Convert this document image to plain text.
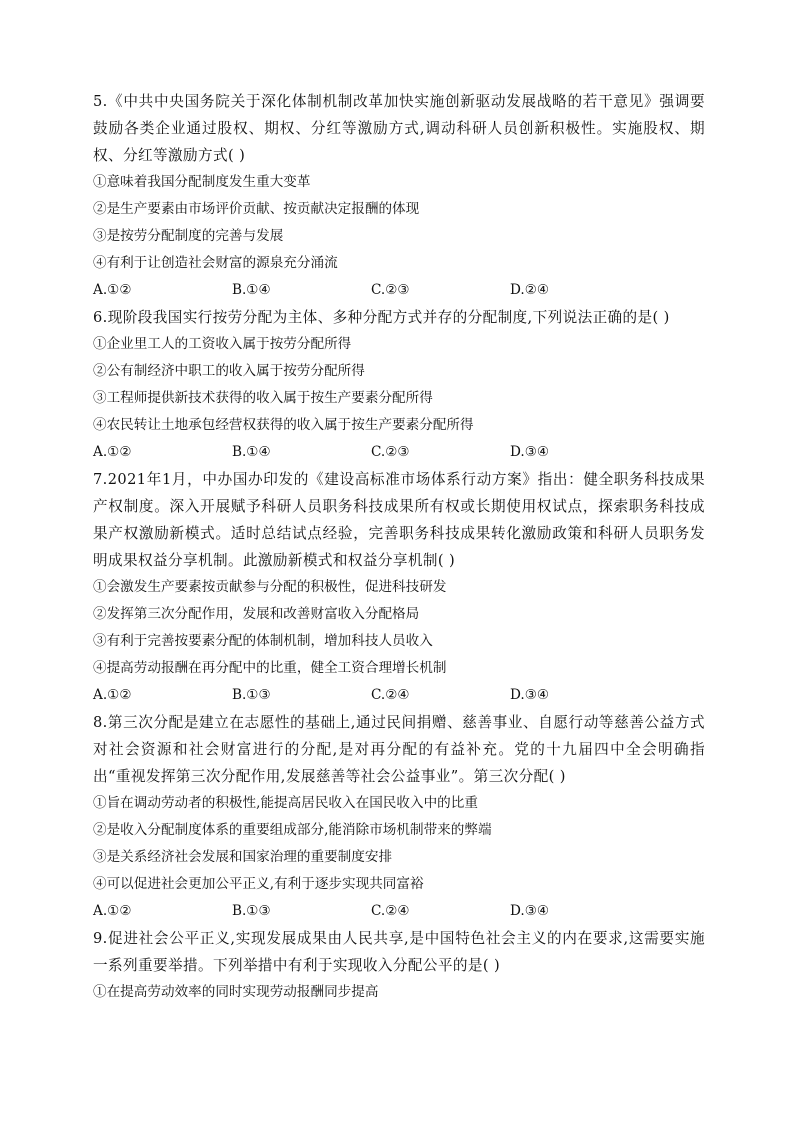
5.《中共中央国务院关于深化体制机制改革加快实施创新驱动发展战略的若干意见》强调要鼓励各类企业通过股权、期权、分红等激励方式,调动科研人员创新积极性。实施股权、期权、分红等激励方式( )

①意味着我国分配制度发生重大变革

②是生产要素由市场评价贡献、按贡献决定报酬的体现

③是按劳分配制度的完善与发展

④有利于让创造社会财富的源泉充分涌流

A.①②	B.①④	C.②③	D.②④

6.现阶段我国实行按劳分配为主体、多种分配方式并存的分配制度,下列说法正确的是( )

①企业里工人的工资收入属于按劳分配所得

②公有制经济中职工的收入属于按劳分配所得

③工程师提供新技术获得的收入属于按生产要素分配所得

④农民转让土地承包经营权获得的收入属于按生产要素分配所得

A.①②	B.①④	C.②③	D.③④

7.2021年1月，中办国办印发的《建设高标准市场体系行动方案》指出：健全职务科技成果产权制度。深入开展赋予科研人员职务科技成果所有权或长期使用权试点，探索职务科技成果产权激励新模式。适时总结试点经验，完善职务科技成果转化激励政策和科研人员职务发明成果权益分享机制。此激励新模式和权益分享机制( )

①会激发生产要素按贡献参与分配的积极性，促进科技研发

②发挥第三次分配作用，发展和改善财富收入分配格局

③有利于完善按要素分配的体制机制，增加科技人员收入

④提高劳动报酬在再分配中的比重，健全工资合理增长机制

A.①②	B.①③	C.②④	D.③④

8.第三次分配是建立在志愿性的基础上,通过民间捐赠、慈善事业、自愿行动等慈善公益方式对社会资源和社会财富进行的分配,是对再分配的有益补充。党的十九届四中全会明确指出“重视发挥第三次分配作用,发展慈善等社会公益事业”。第三次分配( )

①旨在调动劳动者的积极性,能提高居民收入在国民收入中的比重

②是收入分配制度体系的重要组成部分,能消除市场机制带来的弊端

③是关系经济社会发展和国家治理的重要制度安排

④可以促进社会更加公平正义,有利于逐步实现共同富裕

A.①②	B.①③	C.②④	D.③④

9.促进社会公平正义,实现发展成果由人民共享,是中国特色社会主义的内在要求,这需要实施一系列重要举措。下列举措中有利于实现收入分配公平的是( )

①在提高劳动效率的同时实现劳动报酬同步提高
